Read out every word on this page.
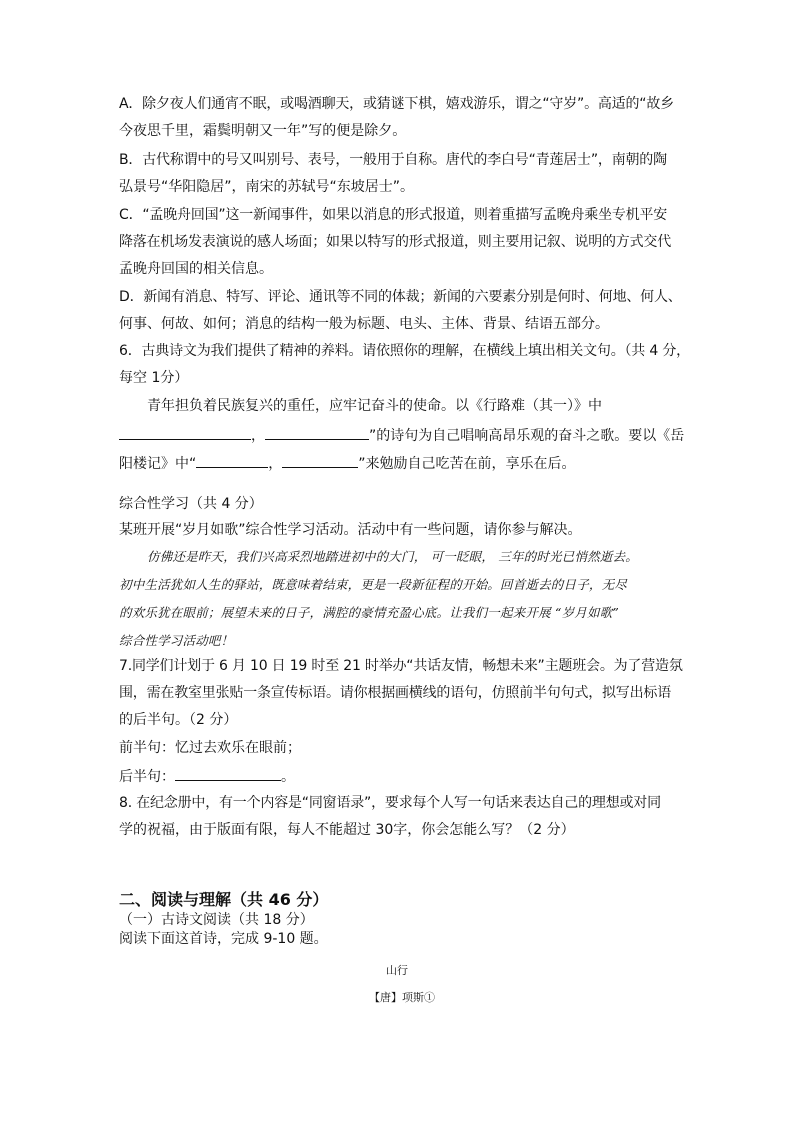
A．除夕夜人们通宵不眠，或喝酒聊天，或猜谜下棋，嬉戏游乐，谓之“守岁”。高适的“故乡
今夜思千里，霜鬓明朝又一年”写的便是除夕。
B．古代称谓中的号又叫别号、表号，一般用于自称。唐代的李白号“青莲居士”，南朝的陶
弘景号“华阳隐居”，南宋的苏轼号“东坡居士”。
C．“孟晚舟回国”这一新闻事件，如果以消息的形式报道，则着重描写孟晚舟乘坐专机平安
降落在机场发表演说的感人场面；如果以特写的形式报道，则主要用记叙、说明的方式交代
孟晚舟回国的相关信息。
D．新闻有消息、特写、评论、通讯等不同的体裁；新闻的六要素分别是何时、何地、何人、
何事、何故、如何；消息的结构一般为标题、电头、主体、背景、结语五部分。
6．古典诗文为我们提供了精神的养料。请依照你的理解，在横线上填出相关文句。（共 4 分，
每空 1分）
青年担负着民族复兴的重任，应牢记奋斗的使命。以《行路难（其一）》中
，	”的诗句为自己唱响高昂乐观的奋斗之歌。要以《岳
阳楼记》中“	，	”来勉励自己吃苦在前，享乐在后。
综合性学习（共 4 分）
某班开展“岁月如歌”综合性学习活动。活动中有一些问题，请你参与解决。
仿佛还是昨天，我们兴高采烈地踏进初中的大门， 可一眨眼， 三年的时光已悄然逝去。
初中生活犹如人生的驿站，既意味着结束，更是一段新征程的开始。回首逝去的日子，无尽
的欢乐犹在眼前；展望未来的日子，满腔的豪情充盈心底。让我们一起来开展 “岁月如歌”
综合性学习活动吧！
7.同学们计划于 6 月 10 日 19 时至 21 时举办“共话友情，畅想未来”主题班会。为了营造氛
围，需在教室里张贴一条宣传标语。请你根据画横线的语句，仿照前半句句式，拟写出标语
的后半句。（2 分）
前半句：忆过去欢乐在眼前；
后半句：	。
8. 在纪念册中，有一个内容是“同窗语录”，要求每个人写一句话来表达自己的理想或对同
学的祝福，由于版面有限，每人不能超过 30字，你会怎能么写？（2 分）
二、阅读与理解（共 46 分）
（一）古诗文阅读（共 18 分）
阅读下面这首诗，完成 9-10 题。
山行
【唐】项斯①
